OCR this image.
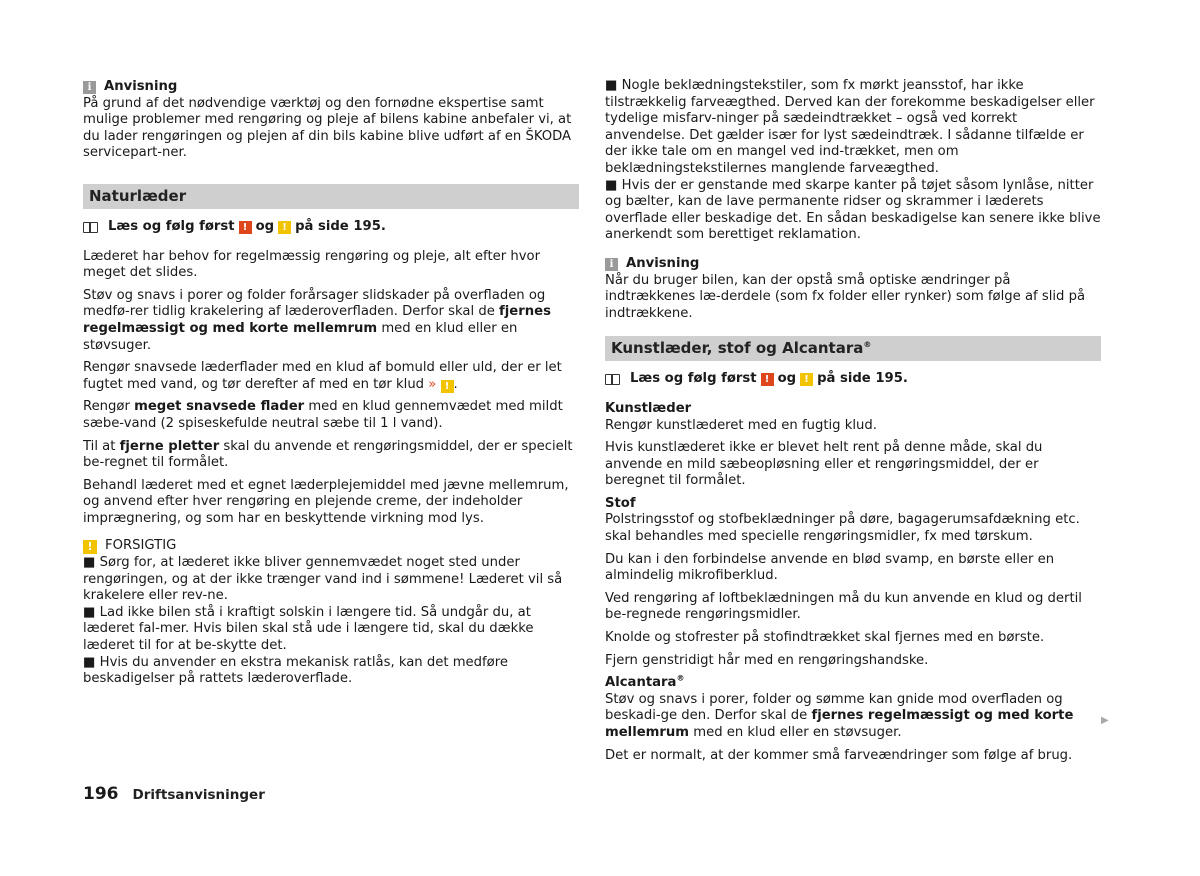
i Anvisning

På grund af det nødvendige værktøj og den fornødne ekspertise samt mulige problemer med rengøring og pleje af bilens kabine anbefaler vi, at du lader rengøringen og plejen af din bils kabine blive udført af en ŠKODA servicepart-ner.

Naturlæder
Læs og følg først ! og ! på side 195.

Læderet har behov for regelmæssig rengøring og pleje, alt efter hvor meget det slides.

Støv og snavs i porer og folder forårsager slidskader på overfladen og medfø-rer tidlig krakelering af læderoverfladen. Derfor skal de fjernes regelmæssigt og med korte mellemrum med en klud eller en støvsuger.

Rengør snavsede læderflader med en klud af bomuld eller uld, der er let fugtet med vand, og tør derefter af med en tør klud » ! .

Rengør meget snavsede flader med en klud gennemvædet med mildt sæbe-vand (2 spiseskefulde neutral sæbe til 1 l vand).

Til at fjerne pletter skal du anvende et rengøringsmiddel, der er specielt be-regnet til formålet.

Behandl læderet med et egnet læderplejemiddel med jævne mellemrum, og anvend efter hver rengøring en plejende creme, der indeholder imprægnering, og som har en beskyttende virkning mod lys.

! FORSIGTIG
■ Sørg for, at læderet ikke bliver gennemvædet noget sted under rengøringen, og at der ikke trænger vand ind i sømmene! Læderet vil så krakelere eller rev-ne.
■ Lad ikke bilen stå i kraftigt solskin i længere tid. Så undgår du, at læderet fal-mer. Hvis bilen skal stå ude i længere tid, skal du dække læderet til for at be-skytte det.
■ Hvis du anvender en ekstra mekanisk ratlås, kan det medføre beskadigelser på rattets læderoverflade.
■ Nogle beklædningstekstiler, som fx mørkt jeansstof, har ikke tilstrækkelig farveægthed. Derved kan der forekomme beskadigelser eller tydelige misfarv-ninger på sædeindtrækket – også ved korrekt anvendelse. Det gælder især for lyst sædeindtræk. I sådanne tilfælde er der ikke tale om en mangel ved ind-trækket, men om beklædningstekstilernes manglende farveægthed.
■ Hvis der er genstande med skarpe kanter på tøjet såsom lynlåse, nitter og bælter, kan de lave permanente ridser og skrammer i læderets overflade eller beskadige det. En sådan beskadigelse kan senere ikke blive anerkendt som berettiget reklamation.
i Anvisning

Når du bruger bilen, kan der opstå små optiske ændringer på indtrækkenes læ-derdele (som fx folder eller rynker) som følge af slid på indtrækkene.

Kunstlæder, stof og Alcantara®
Læs og følg først ! og ! på side 195.
Kunstlæder

Rengør kunstlæderet med en fugtig klud.

Hvis kunstlæderet ikke er blevet helt rent på denne måde, skal du anvende en mild sæbeopløsning eller et rengøringsmiddel, der er beregnet til formålet.

Stof

Polstringsstof og stofbeklædninger på døre, bagagerumsafdækning etc. skal behandles med specielle rengøringsmidler, fx med tørskum.

Du kan i den forbindelse anvende en blød svamp, en børste eller en almindelig mikrofiberklud.

Ved rengøring af loftbeklædningen må du kun anvende en klud og dertil be-regnede rengøringsmidler.

Knolde og stofrester på stofindtrækket skal fjernes med en børste.

Fjern genstridigt hår med en rengøringshandske.

Alcantara®

Støv og snavs i porer, folder og sømme kan gnide mod overfladen og beskadi-ge den. Derfor skal de fjernes regelmæssigt og med korte mellemrum med en klud eller en støvsuger.

Det er normalt, at der kommer små farveændringer som følge af brug.

▶
196 Driftsanvisninger
